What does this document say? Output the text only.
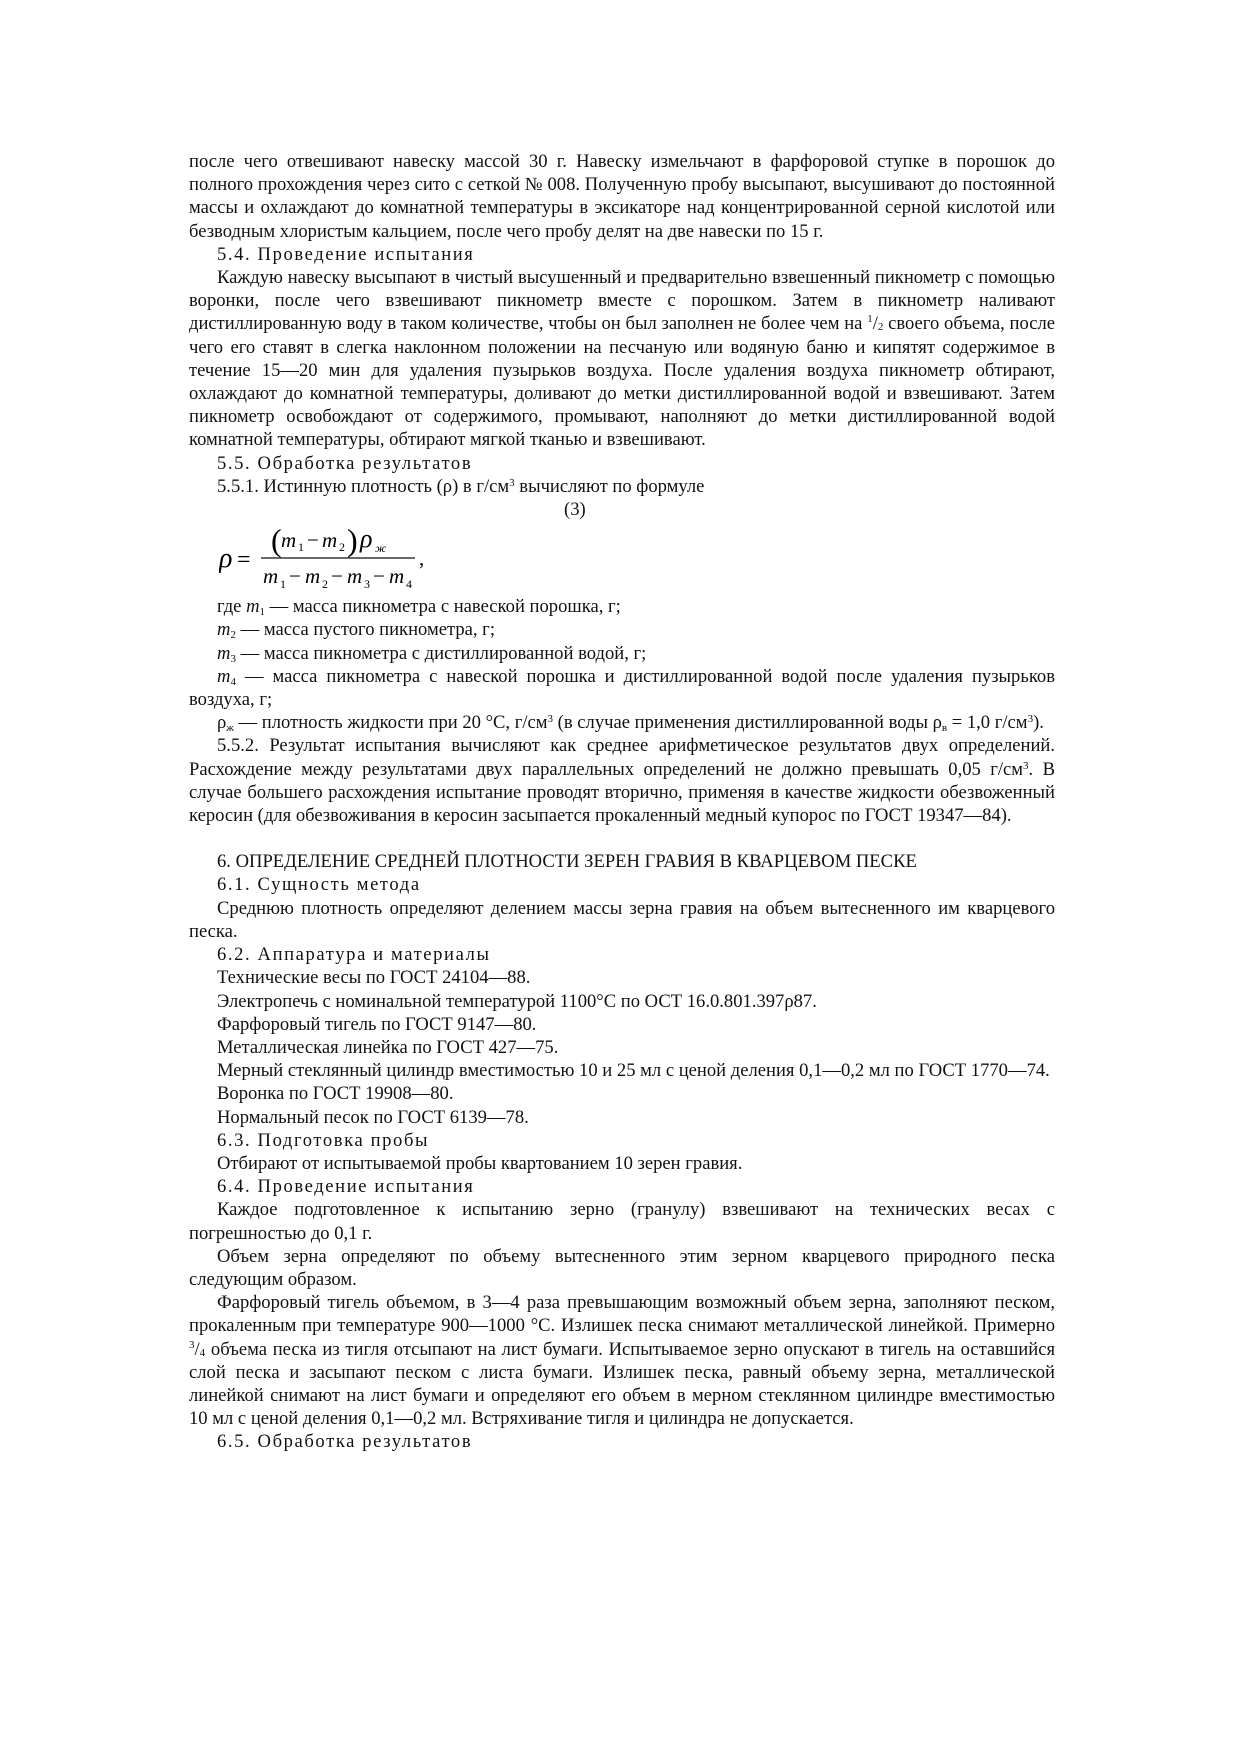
после чего отвешивают навеску массой 30 г. Навеску измельчают в фарфоровой ступке в порошок до полного прохождения через сито с сеткой № 008. Полученную пробу высыпают, высушивают до постоянной массы и охлаждают до комнатной температуры в эксикаторе над концентрированной серной кислотой или безводным хлористым кальцием, после чего пробу делят на две навески по 15 г.

5.4. Проведение испытания

Каждую навеску высыпают в чистый высушенный и предварительно взвешенный пикнометр с помощью воронки, после чего взвешивают пикнометр вместе с порошком. Затем в пикнометр наливают дистиллированную воду в таком количестве, чтобы он был заполнен не более чем на $^1/_2$ своего объема, после чего его ставят в слегка наклонном положении на песчаную или водяную баню и кипятят содержимое в течение 15—20 мин для удаления пузырьков воздуха. После удаления воздуха пикнометр обтирают, охлаждают до комнатной температуры, доливают до метки дистиллированной водой и взвешивают. Затем пикнометр освобождают от содержимого, промывают, наполняют до метки дистиллированной водой комнатной температуры, обтирают мягкой тканью и взвешивают.

5.5. Обработка результатов

5.5.1. Истинную плотность (ρ) в $г/см^3$ вычисляют по формуле

(3)

ρ =
( m 1 − m 2 ) ρ ж ,
m 1 − m 2 − m 3 − m 4

где $m_1$ — масса пикнометра с навеской порошка, г;

$m_2$ — масса пустого пикнометра, г;

$m_3$ — масса пикнометра с дистиллированной водой, г;

$m_4$ — масса пикнометра с навеской порошка и дистиллированной водой после удаления пузырьков воздуха, г;

$\rho_ж$ — плотность жидкости при 20 °С, $г/см^3$ (в случае применения дистиллированной воды $\rho_в = 1,0$ $г/см^3$).

5.5.2. Результат испытания вычисляют как среднее арифметическое результатов двух определений. Расхождение между результатами двух параллельных определений не должно превышать 0,05 $г/см^3$. В случае большего расхождения испытание проводят вторично, применяя в качестве жидкости обезвоженный керосин (для обезвоживания в керосин засыпается прокаленный медный купорос по ГОСТ 19347—84).

6. ОПРЕДЕЛЕНИЕ СРЕДНЕЙ ПЛОТНОСТИ ЗЕРЕН ГРАВИЯ В КВАРЦЕВОМ ПЕСКЕ

6.1. Сущность метода

Среднюю плотность определяют делением массы зерна гравия на объем вытесненного им кварцевого песка.

6.2. Аппаратура и материалы

Технические весы по ГОСТ 24104—88.

Электропечь с номинальной температурой 1100°С по ОСТ 16.0.801.397ρ87.

Фарфоровый тигель по ГОСТ 9147—80.

Металлическая линейка по ГОСТ 427—75.

Мерный стеклянный цилиндр вместимостью 10 и 25 мл с ценой деления 0,1—0,2 мл по ГОСТ 1770—74.

Воронка по ГОСТ 19908—80.

Нормальный песок по ГОСТ 6139—78.

6.3. Подготовка пробы

Отбирают от испытываемой пробы квартованием 10 зерен гравия.

6.4. Проведение испытания

Каждое подготовленное к испытанию зерно (гранулу) взвешивают на технических весах с погрешностью до 0,1 г.

Объем зерна определяют по объему вытесненного этим зерном кварцевого природного песка следующим образом.

Фарфоровый тигель объемом, в 3—4 раза превышающим возможный объем зерна, заполняют песком, прокаленным при температуре 900—1000 °С. Излишек песка снимают металлической линейкой. Примерно $^3/_4$ объема песка из тигля отсыпают на лист бумаги. Испытываемое зерно опускают в тигель на оставшийся слой песка и засыпают песком с листа бумаги. Излишек песка, равный объему зерна, металлической линейкой снимают на лист бумаги и определяют его объем в мерном стеклянном цилиндре вместимостью 10 мл с ценой деления 0,1—0,2 мл. Встряхивание тигля и цилиндра не допускается.

6.5. Обработка результатов
